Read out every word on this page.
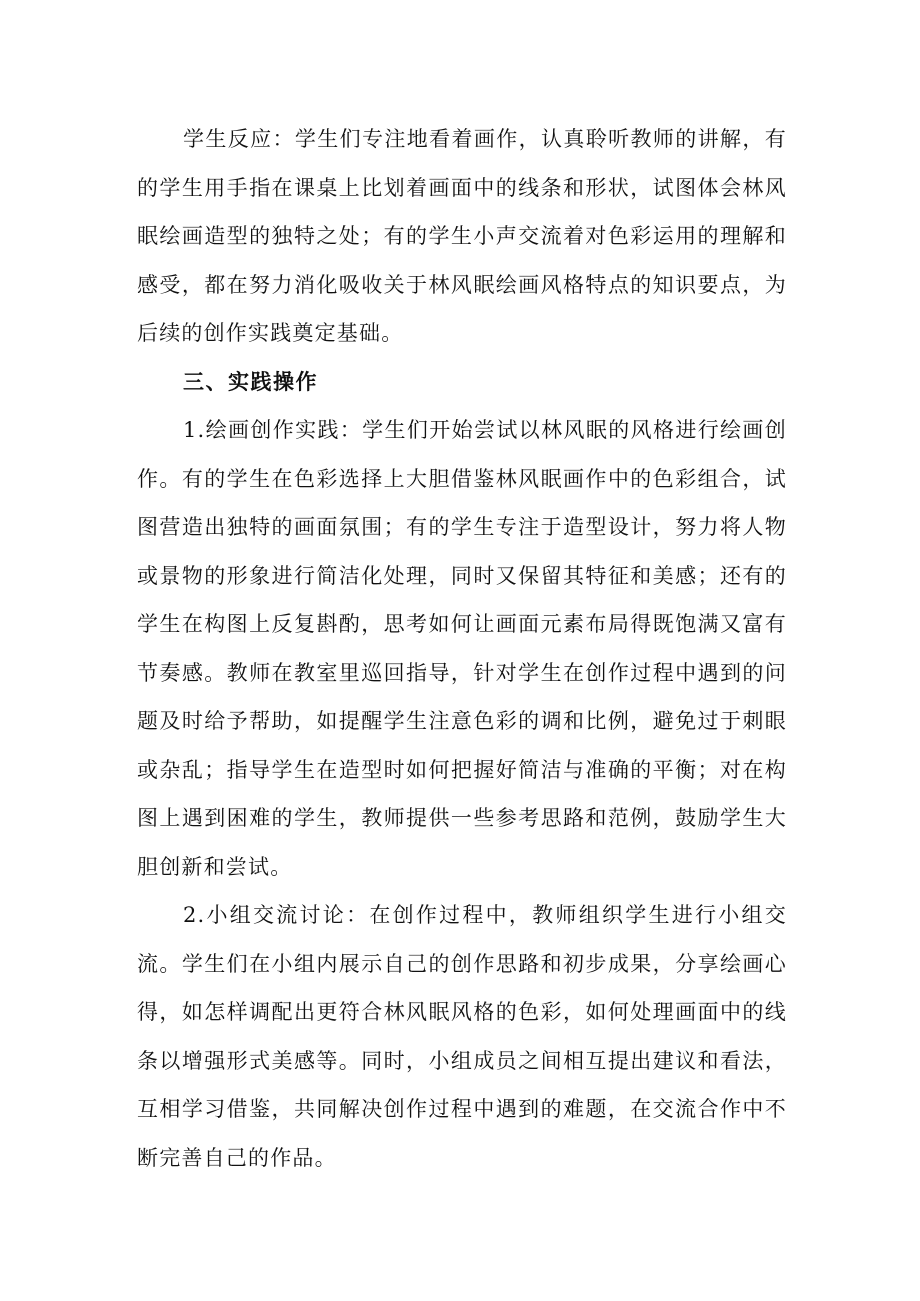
学生反应：学生们专注地看着画作，认真聆听教师的讲解，有的学生用手指在课桌上比划着画面中的线条和形状，试图体会林风眠绘画造型的独特之处；有的学生小声交流着对色彩运用的理解和感受，都在努力消化吸收关于林风眠绘画风格特点的知识要点，为后续的创作实践奠定基础。

三、实践操作

1.绘画创作实践：学生们开始尝试以林风眠的风格进行绘画创作。有的学生在色彩选择上大胆借鉴林风眠画作中的色彩组合，试图营造出独特的画面氛围；有的学生专注于造型设计，努力将人物或景物的形象进行简洁化处理，同时又保留其特征和美感；还有的学生在构图上反复斟酌，思考如何让画面元素布局得既饱满又富有节奏感。教师在教室里巡回指导，针对学生在创作过程中遇到的问题及时给予帮助，如提醒学生注意色彩的调和比例，避免过于刺眼或杂乱；指导学生在造型时如何把握好简洁与准确的平衡；对在构图上遇到困难的学生，教师提供一些参考思路和范例，鼓励学生大胆创新和尝试。

2.小组交流讨论：在创作过程中，教师组织学生进行小组交流。学生们在小组内展示自己的创作思路和初步成果，分享绘画心得，如怎样调配出更符合林风眠风格的色彩，如何处理画面中的线条以增强形式美感等。同时，小组成员之间相互提出建议和看法，互相学习借鉴，共同解决创作过程中遇到的难题，在交流合作中不断完善自己的作品。
